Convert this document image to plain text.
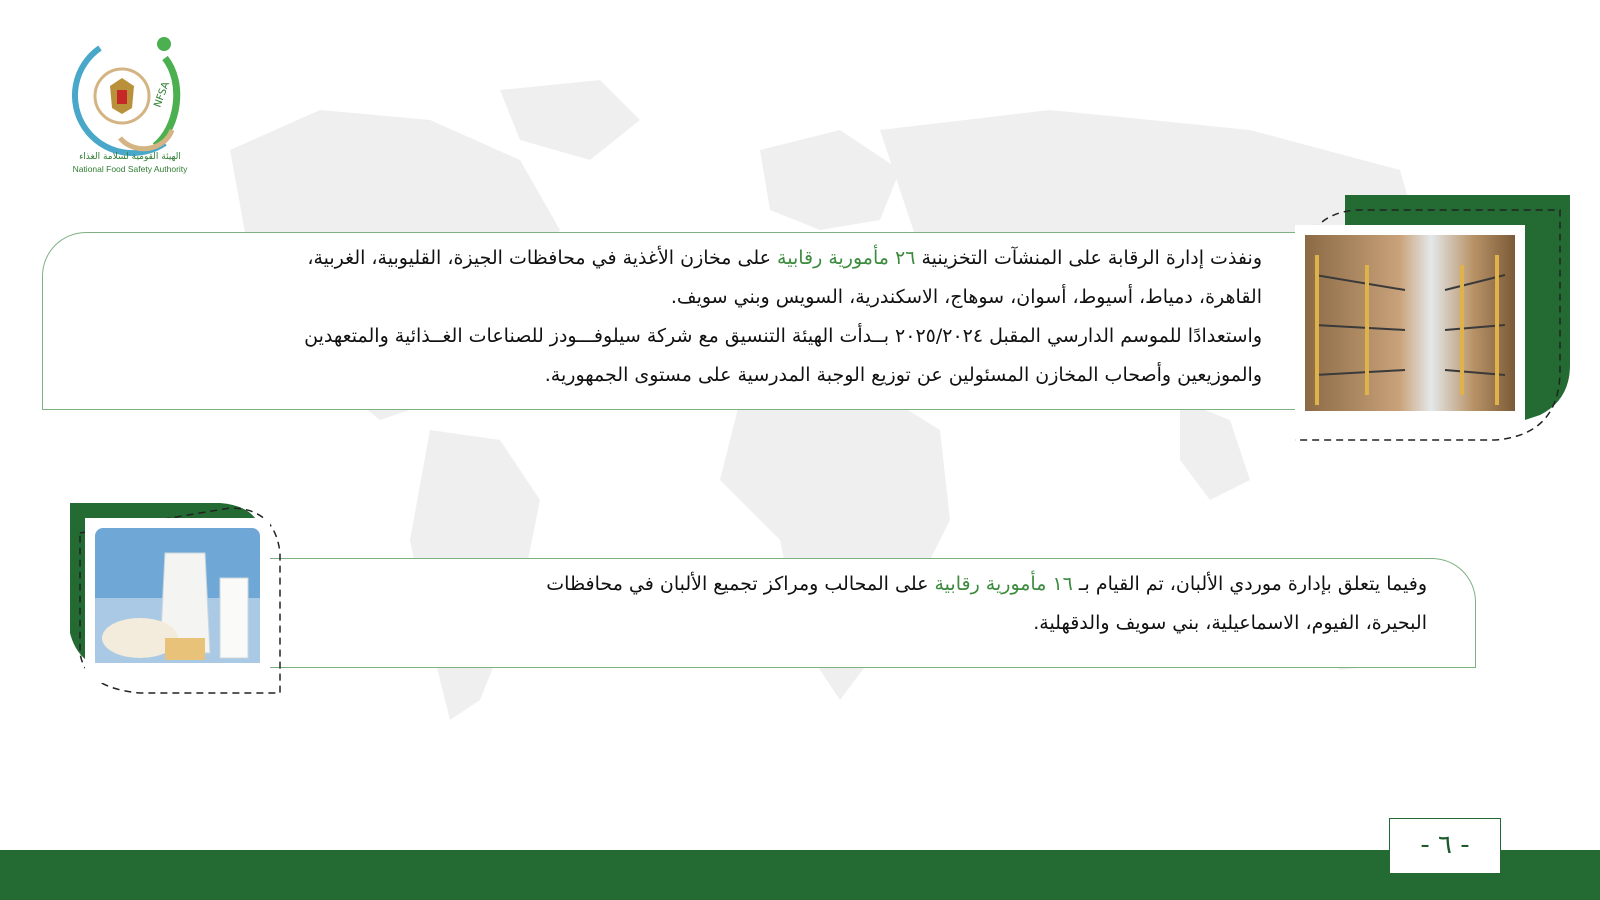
NFSA
الهيئة القومية لسلامة الغذاء
National Food Safety Authority
ونفذت إدارة الرقابة على المنشآت التخزينية ٢٦ مأمورية رقابية على مخازن الأغذية في محافظات الجيزة، القليوبية، الغربية،
القاهرة، دمياط، أسيوط، أسوان، سوهاج، الاسكندرية، السويس وبني سويف.
واستعدادًا للموسم الدارسي المقبل ٢٠٢٥/٢٠٢٤ بــدأت الهيئة التنسيق مع شركة سيلوفـــودز للصناعات الغــذائية والمتعهدين
والموزيعين وأصحاب المخازن المسئولين عن توزيع الوجبة المدرسية على مستوى الجمهورية.
وفيما يتعلق بإدارة موردي الألبان، تم القيام بـ ١٦ مأمورية رقابية على المحالب ومراكز تجميع الألبان في محافظات
البحيرة، الفيوم، الاسماعيلية، بني سويف والدقهلية.
- ٦ -
